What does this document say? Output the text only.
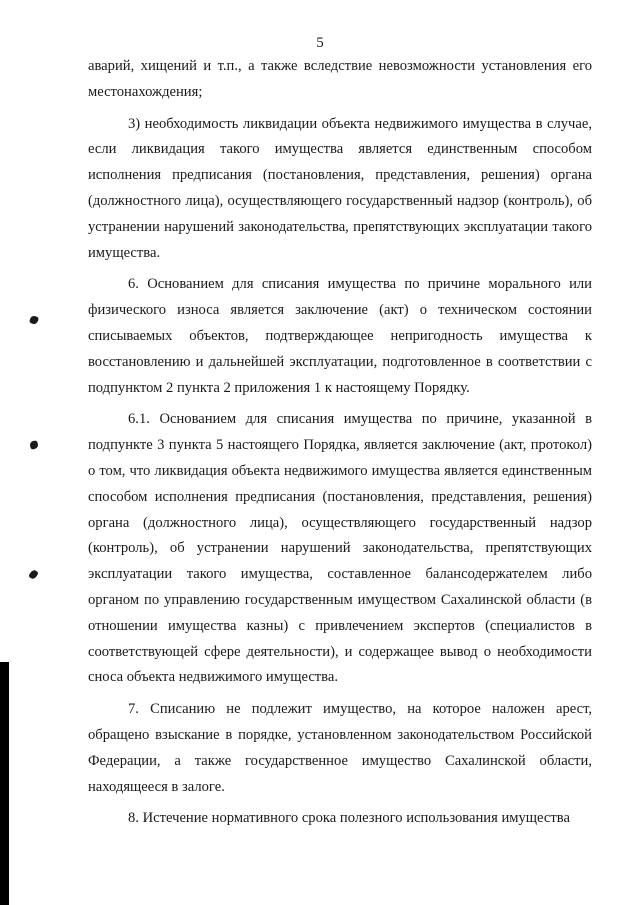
5

аварий, хищений и т.п., а также вследствие невозможности установления его местонахождения;

3) необходимость ликвидации объекта недвижимого имущества в случае, если ликвидация такого имущества является единственным способом исполнения предписания (постановления, представления, решения) органа (должностного лица), осуществляющего государственный надзор (контроль), об устранении нарушений законодательства, препятствующих эксплуатации такого имущества.

6. Основанием для списания имущества по причине морального или физического износа является заключение (акт) о техническом состоянии списываемых объектов, подтверждающее непригодность имущества к восстановлению и дальнейшей эксплуатации, подготовленное в соответствии с подпунктом 2 пункта 2 приложения 1 к настоящему Порядку.

6.1. Основанием для списания имущества по причине, указанной в подпункте 3 пункта 5 настоящего Порядка, является заключение (акт, протокол) о том, что ликвидация объекта недвижимого имущества является единственным способом исполнения предписания (постановления, представления, решения) органа (должностного лица), осуществляющего государственный надзор (контроль), об устранении нарушений законодательства, препятствующих эксплуатации такого имущества, составленное балансодержателем либо органом по управлению государственным имуществом Сахалинской области (в отношении имущества казны) с привлечением экспертов (специалистов в соответствующей сфере деятельности), и содержащее вывод о необходимости сноса объекта недвижимого имущества.

7. Списанию не подлежит имущество, на которое наложен арест, обращено взыскание в порядке, установленном законодательством Российской Федерации, а также государственное имущество Сахалинской области, находящееся в залоге.

8. Истечение нормативного срока полезного использования имущества
